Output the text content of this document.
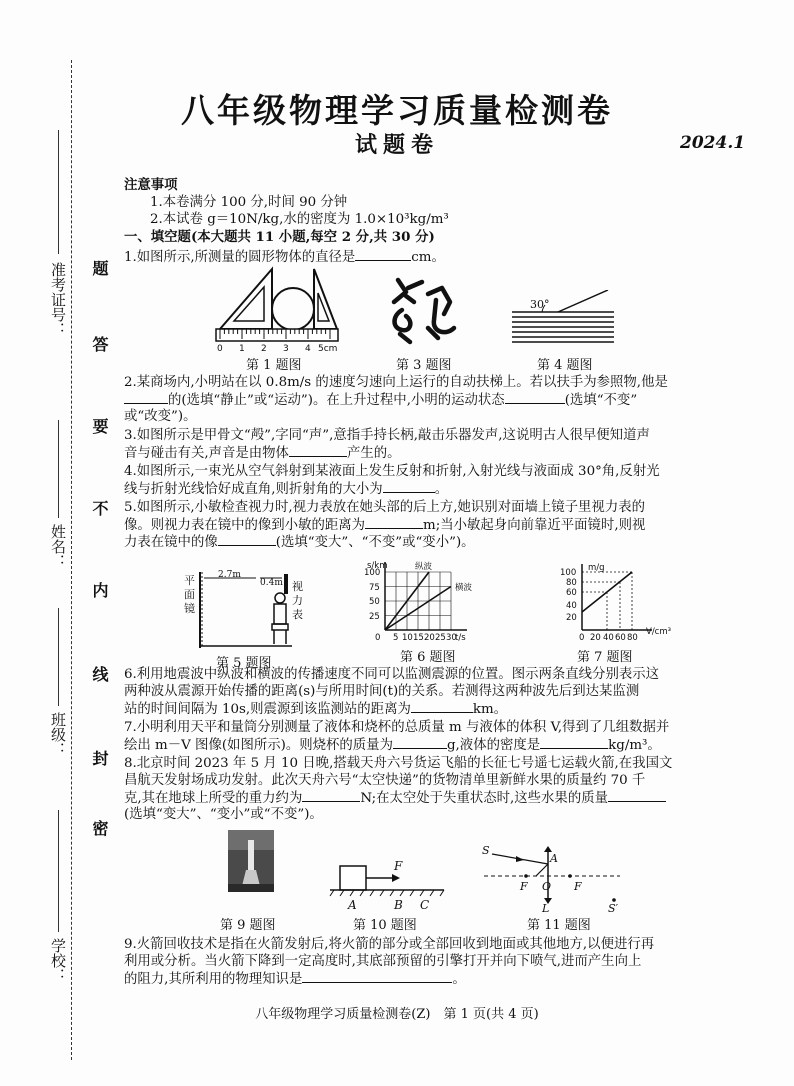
题
答
要
不
内
线
封
密
准考证号：
姓名：
班级：
学校：
八年级物理学习质量检测卷
试题卷	2024.1
注意事项
1.本卷满分 100 分,时间 90 分钟
2.本试卷 g＝10N/kg,水的密度为 1.0×10³kg/m³
一、填空题(本大题共 11 小题,每空 2 分,共 30 分)
1.如图所示,所测量的圆形物体的直径是	cm。
0 1 2 3 4 5cm
第 1 题图	第 3 题图
30°
第 4 题图
2.某商场内,小明站在以 0.8m/s 的速度匀速向上运行的自动扶梯上。若以扶手为参照物,他是
的(选填“静止”或“运动”)。在上升过程中,小明的运动状态	(选填“不变”
或“改变”)。
3.如图所示是甲骨文“殸”,字同“声”,意指手持长柄,敲击乐器发声,这说明古人很早便知道声
音与碰击有关,声音是由物体	产生的。
4.如图所示,一束光从空气斜射到某液面上发生反射和折射,入射光线与液面成 30°角,反射光
线与折射光线恰好成直角,则折射角的大小为	。
5.如图所示,小敏检查视力时,视力表放在她头部的后上方,她识别对面墙上镜子里视力表的
像。则视力表在镜中的像到小敏的距离为	m;当小敏起身向前靠近平面镜时,则视
力表在镜中的像	(选填“变大”、“不变”或“变小”)。
平
面
镜
视
力
表
2.7m
0.4m
第 5 题图
s/km
t/s
100
75
50
25
0 5 10 15 20 25 30
纵波
横波
第 6 题图
m/g
V/cm³
100
80
60
40
20
0 20 40 60 80
第 7 题图
6.利用地震波中纵波和横波的传播速度不同可以监测震源的位置。图示两条直线分别表示这
两种波从震源开始传播的距离(s)与所用时间(t)的关系。若测得这两种波先后到达某监测
站的时间间隔为 10s,则震源到该监测站的距离为	km。
7.小明利用天平和量筒分别测量了液体和烧杯的总质量 m 与液体的体积 V,得到了几组数据并
绘出 m－V 图像(如图所示)。则烧杯的质量为	g,液体的密度是	kg/m³。
8.北京时间 2023 年 5 月 10 日晚,搭载天舟六号货运飞船的长征七号遥七运载火箭,在我国文
昌航天发射场成功发射。此次天舟六号“太空快递”的货物清单里新鲜水果的质量约 70 千
克,其在地球上所受的重力约为	N;在太空处于失重状态时,这些水果的质量
(选填“变大”、“变小”或“不变”)。
第 9 题图
F
A	B C
第 10 题图
S
A
F O F
L	S′
第 11 题图
9.火箭回收技术是指在火箭发射后,将火箭的部分或全部回收到地面或其他地方,以便进行再
利用或分析。当火箭下降到一定高度时,其底部预留的引擎打开并向下喷气,进而产生向上
的阻力,其所利用的物理知识是	。
八年级物理学习质量检测卷(Z)　第 1 页(共 4 页)
